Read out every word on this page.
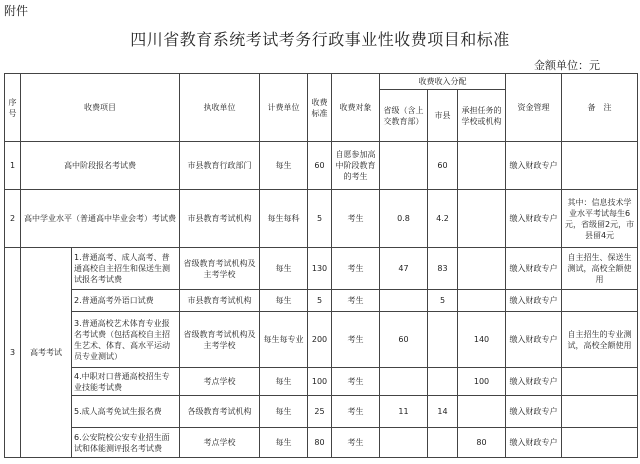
附件
四川省教育系统考试考务行政事业性收费项目和标准
金额单位：元
序号	收费项目		执收单位	计费单位	收费标准	收费对象	收费收入分配			资金管理	备　注
							省级（含上交教育部）	市县	承担任务的学校或机构		
1	高中阶段报名考试费		市县教育行政部门	每生	60	自愿参加高中阶段教育的考生		60		缴入财政专户	
2	高中学业水平（普通高中毕业会考）考试费		市县教育考试机构	每生每科	5	考生	0.8	4.2		缴入财政专户	其中：信息技术学业水平考试每生6元，省级留2元，市县留4元
3	高考考试	1.普通高考、成人高考、普通高校自主招生和保送生测试报名考试费	省级教育考试机构及主考学校	每生	130	考生	47	83		缴入财政专户	自主招生、保送生测试，高校全额使用
		2.普通高考外语口试费	市县教育考试机构	每生	5	考生		5		缴入财政专户	
		3.普通高校艺术体育专业报名考试费（包括高校自主招生艺术、体育、高水平运动员专业测试）	省级教育考试机构及主考学校	每生每专业	200	考生	60		140	缴入财政专户	自主招生的专业测试，高校全额使用
		4.中职对口普通高校招生专业技能考试费	考点学校	每生	100	考生			100	缴入财政专户	
		5.成人高考免试生报名费	各级教育考试机构	每生	25	考生	11	14		缴入财政专户	
		6.公安院校公安专业招生面试和体能测评报名考试费	考点学校	每生	80	考生			80	缴入财政专户	
